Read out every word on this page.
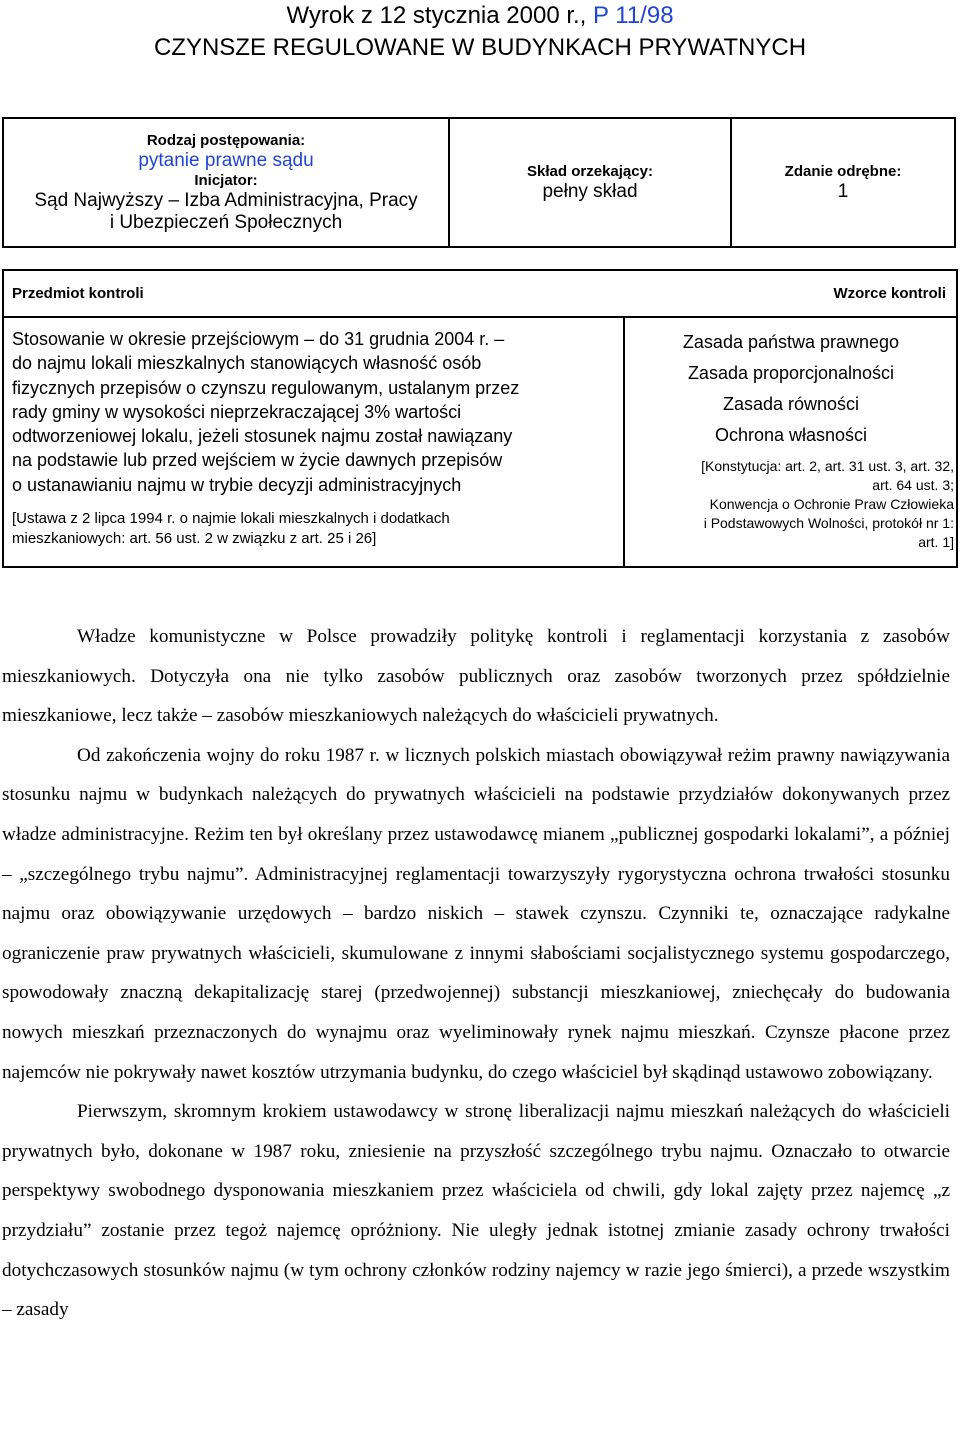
Wyrok z 12 stycznia 2000 r., P 11/98
CZYNSZE REGULOWANE W BUDYNKACH PRYWATNYCH
Rodzaj postępowania:
pytanie prawne sądu
Inicjator:
Sąd Najwyższy – Izba Administracyjna, Pracy
i Ubezpieczeń Społecznych
Skład orzekający:
pełny skład
Zdanie odrębne:
1
Przedmiot kontroli	Wzorce kontroli
Stosowanie w okresie przejściowym – do 31 grudnia 2004 r. –
do najmu lokali mieszkalnych stanowiących własność osób
fizycznych przepisów o czynszu regulowanym, ustalanym przez
rady gminy w wysokości nieprzekraczającej 3% wartości
odtworzeniowej lokalu, jeżeli stosunek najmu został nawiązany
na podstawie lub przed wejściem w życie dawnych przepisów
o ustanawianiu najmu w trybie decyzji administracyjnych
[Ustawa z 2 lipca 1994 r. o najmie lokali mieszkalnych i dodatkach
mieszkaniowych: art. 56 ust. 2 w związku z art. 25 i 26]
Zasada państwa prawnego
Zasada proporcjonalności
Zasada równości
Ochrona własności
[Konstytucja: art. 2, art. 31 ust. 3, art. 32,
art. 64 ust. 3;
Konwencja o Ochronie Praw Człowieka
i Podstawowych Wolności, protokół nr 1:
art. 1]

Władze komunistyczne w Polsce prowadziły politykę kontroli i reglamentacji korzystania z zasobów mieszkaniowych. Dotyczyła ona nie tylko zasobów publicznych oraz zasobów tworzonych przez spółdzielnie mieszkaniowe, lecz także – zasobów mieszkaniowych należących do właścicieli prywatnych.

Od zakończenia wojny do roku 1987 r. w licznych polskich miastach obowiązywał reżim prawny nawiązywania stosunku najmu w budynkach należących do prywatnych właścicieli na podstawie przydziałów dokonywanych przez władze administracyjne. Reżim ten był określany przez ustawodawcę mianem „publicznej gospodarki lokalami”, a później – „szczególnego trybu najmu”. Administracyjnej reglamentacji towarzyszyły rygorystyczna ochrona trwałości stosunku najmu oraz obowiązywanie urzędowych – bardzo niskich – stawek czynszu. Czynniki te, oznaczające radykalne ograniczenie praw prywatnych właścicieli, skumulowane z innymi słabościami socjalistycznego systemu gospodarczego, spowodowały znaczną dekapitalizację starej (przedwojennej) substancji mieszkaniowej, zniechęcały do budowania nowych mieszkań przeznaczonych do wynajmu oraz wyeliminowały rynek najmu mieszkań. Czynsze płacone przez najemców nie pokrywały nawet kosztów utrzymania budynku, do czego właściciel był skądinąd ustawowo zobowiązany.

Pierwszym, skromnym krokiem ustawodawcy w stronę liberalizacji najmu mieszkań należących do właścicieli prywatnych było, dokonane w 1987 roku, zniesienie na przyszłość szczególnego trybu najmu. Oznaczało to otwarcie perspektywy swobodnego dysponowania mieszkaniem przez właściciela od chwili, gdy lokal zajęty przez najemcę „z przydziału” zostanie przez tegoż najemcę opróżniony. Nie uległy jednak istotnej zmianie zasady ochrony trwałości dotychczasowych stosunków najmu (w tym ochrony członków rodziny najemcy w razie jego śmierci), a przede wszystkim – zasady
